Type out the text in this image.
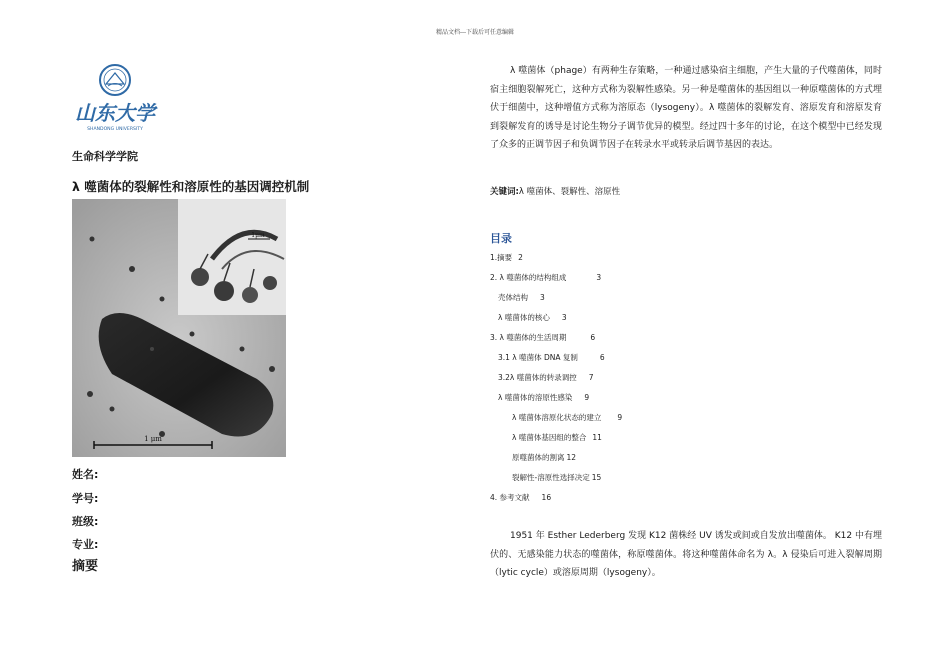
精品文档---下载后可任意编辑
山东大学
SHANDONG UNIVERSITY
生命科学学院
λ 噬菌体的裂解性和溶原性的基因调控机制
1μm
1 μm
姓名:
学号:
班级:
专业:
摘要

λ 噬菌体（phage）有两种生存策略，一种通过感染宿主细胞，产生大量的子代噬菌体，同时宿主细胞裂解死亡，这种方式称为裂解性感染。另一种是噬菌体的基因组以一种原噬菌体的方式埋伏于细菌中，这种增值方式称为溶原态（lysogeny）。λ 噬菌体的裂解发育、溶原发育和溶原发育到裂解发育的诱导是讨论生物分子调节优异的模型。经过四十多年的讨论，在这个模型中已经发现了众多的正调节因子和负调节因子在转录水平或转录后调节基因的表达。

关键词:λ 噬菌体、裂解性、溶原性
目录
1.摘要 2
2. λ 噬菌体的结构组成	3
壳体结构 3
λ 噬菌体的核心 3
3. λ 噬菌体的生活周期	6
3.1 λ 噬菌体 DNA 复制	6
3.2λ 噬菌体的转录调控 7
λ 噬菌体的溶原性感染 9
λ 噬菌体溶原化状态的建立 9
λ 噬菌体基因组的整合 11
原噬菌体的割离 12
裂解性-溶原性选择决定 15
4. 参考文献 16

1951 年 Esther Lederberg 发现 K12 菌株经 UV 诱发或间或自发放出噬菌体。 K12 中有埋伏的、无感染能力状态的噬菌体，称原噬菌体。将这种噬菌体命名为 λ。λ 侵染后可进入裂解周期（lytic cycle）或溶原周期（lysogeny）。
